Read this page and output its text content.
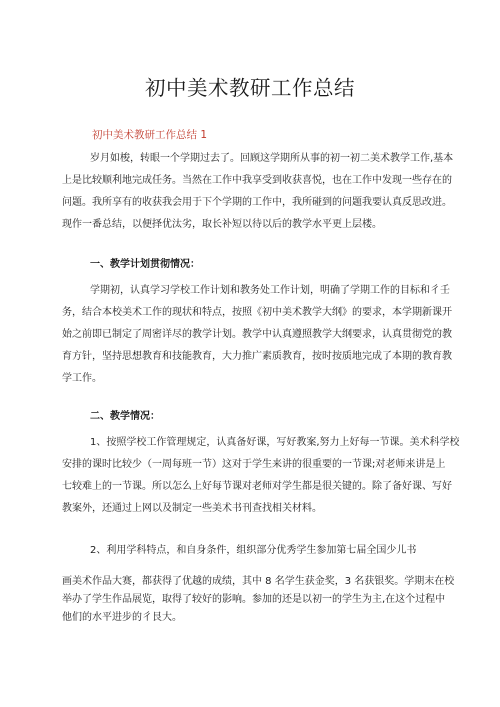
初中美术教研工作总结
初中美术教研工作总结 1
岁月如梭，转眼一个学期过去了。回顾这学期所从事的初一初二美术教学工作,基本
上是比较顺利地完成任务。当然在工作中我享受到收获喜悦，也在工作中发现一些存在的
问题。我所享有的收获我会用于下个学期的工作中，我所碰到的问题我要认真反思改进。
现作一番总结，以便择优汰劣，取长补短以待以后的教学水平更上层楼。
一、教学计划贯彻情况：
学期初，认真学习学校工作计划和教务处工作计划，明确了学期工作的目标和彳壬
务，结合本校美术工作的现状和特点，按照《初中美术教学大纲》的要求，本学期新课开
始之前即已制定了周密详尽的教学计划。教学中认真遵照教学大纲要求，认真贯彻党的教
育方针，坚持思想教育和技能教育，大力推广素质教育，按时按质地完成了本期的教育教
学工作。
二、教学情况：
1、按照学校工作管理规定，认真备好课，写好教案,努力上好每一节课。美术科学校
安排的课时比较少（一周每班一节）这对于学生来讲的很重要的一节课;对老师来讲是上
七较难上的一节课。所以怎么上好每节课对老师对学生都是很关键的。除了备好课、写好
教案外，还通过上网以及制定一些美术书刊查找相关材料。
2、利用学科特点，和自身条件，组织部分优秀学生参加第七届全国少儿书
画美术作品大赛，都获得了优越的成绩，其中 8 名学生获金奖，3 名获银奖。学期末在校
举办了学生作品展览，取得了较好的影响。参加的还是以初一的学生为主,在这个过程中
他们的水平进步的彳艮大。
